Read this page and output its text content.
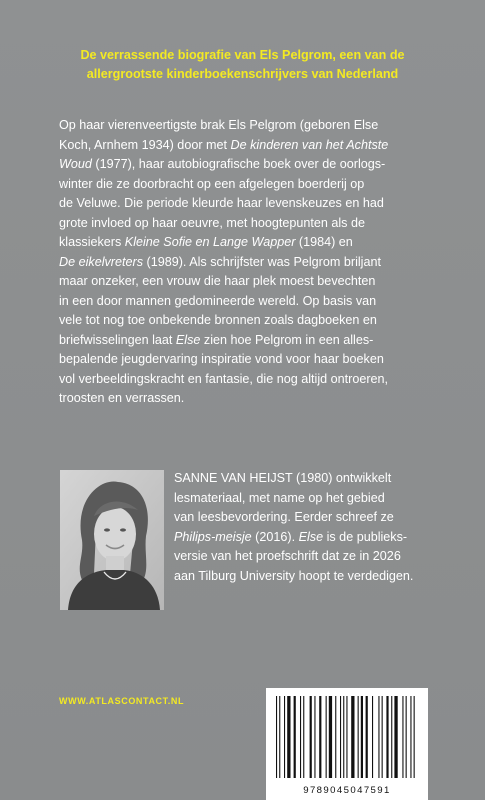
De verrassende biografie van Els Pelgrom, een van de
allergrootste kinderboekenschrijvers van Nederland
Op haar vierenveertigste brak Els Pelgrom (geboren Else
Koch, Arnhem 1934) door met De kinderen van het Achtste
Woud (1977), haar autobiografische boek over de oorlogs-
winter die ze doorbracht op een afgelegen boerderij op
de Veluwe. Die periode kleurde haar levenskeuzes en had
grote invloed op haar oeuvre, met hoogtepunten als de
klassiekers Kleine Sofie en Lange Wapper (1984) en
De eikelvreters (1989). Als schrijfster was Pelgrom briljant
maar onzeker, een vrouw die haar plek moest bevechten
in een door mannen gedomineerde wereld. Op basis van
vele tot nog toe onbekende bronnen zoals dagboeken en
briefwisselingen laat Else zien hoe Pelgrom in een alles-
bepalende jeugdervaring inspiratie vond voor haar boeken
vol verbeeldingskracht en fantasie, die nog altijd ontroeren,
troosten en verrassen.
SANNE VAN HEIJST (1980) ontwikkelt
lesmateriaal, met name op het gebied
van leesbevordering. Eerder schreef ze
Philips-meisje (2016). Else is de publieks-
versie van het proefschrift dat ze in 2026
aan Tilburg University hoopt te verdedigen.
WWW.ATLASCONTACT.NL
9789045047591
